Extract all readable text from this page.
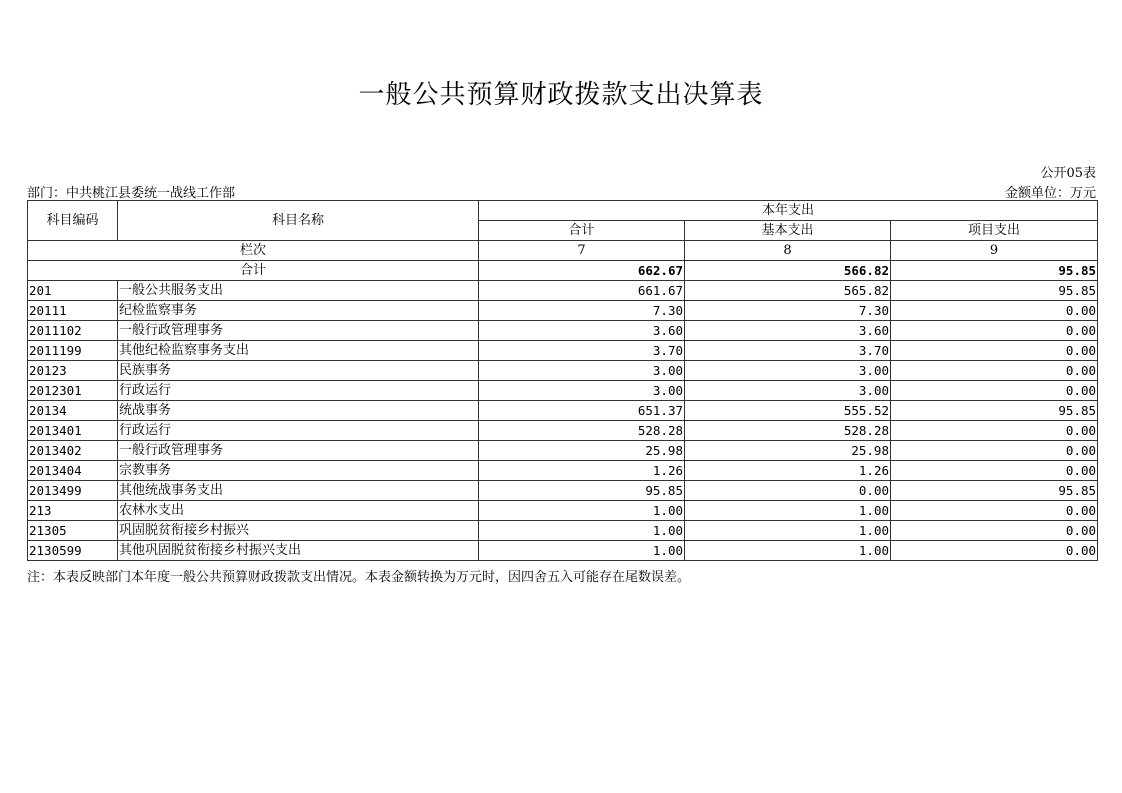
一般公共预算财政拨款支出决算表
公开05表
部门：中共桃江县委统一战线工作部	金额单位：万元
科目编码	科目名称	本年支出		
		合计	基本支出	项目支出
栏次		7	8	9
合计		662.67	566.82	95.85
201	一般公共服务支出	661.67	565.82	95.85
20111	纪检监察事务	7.30	7.30	0.00
2011102	一般行政管理事务	3.60	3.60	0.00
2011199	其他纪检监察事务支出	3.70	3.70	0.00
20123	民族事务	3.00	3.00	0.00
2012301	行政运行	3.00	3.00	0.00
20134	统战事务	651.37	555.52	95.85
2013401	行政运行	528.28	528.28	0.00
2013402	一般行政管理事务	25.98	25.98	0.00
2013404	宗教事务	1.26	1.26	0.00
2013499	其他统战事务支出	95.85	0.00	95.85
213	农林水支出	1.00	1.00	0.00
21305	巩固脱贫衔接乡村振兴	1.00	1.00	0.00
2130599	其他巩固脱贫衔接乡村振兴支出	1.00	1.00	0.00
注：本表反映部门本年度一般公共预算财政拨款支出情况。本表金额转换为万元时，因四舍五入可能存在尾数误差。
